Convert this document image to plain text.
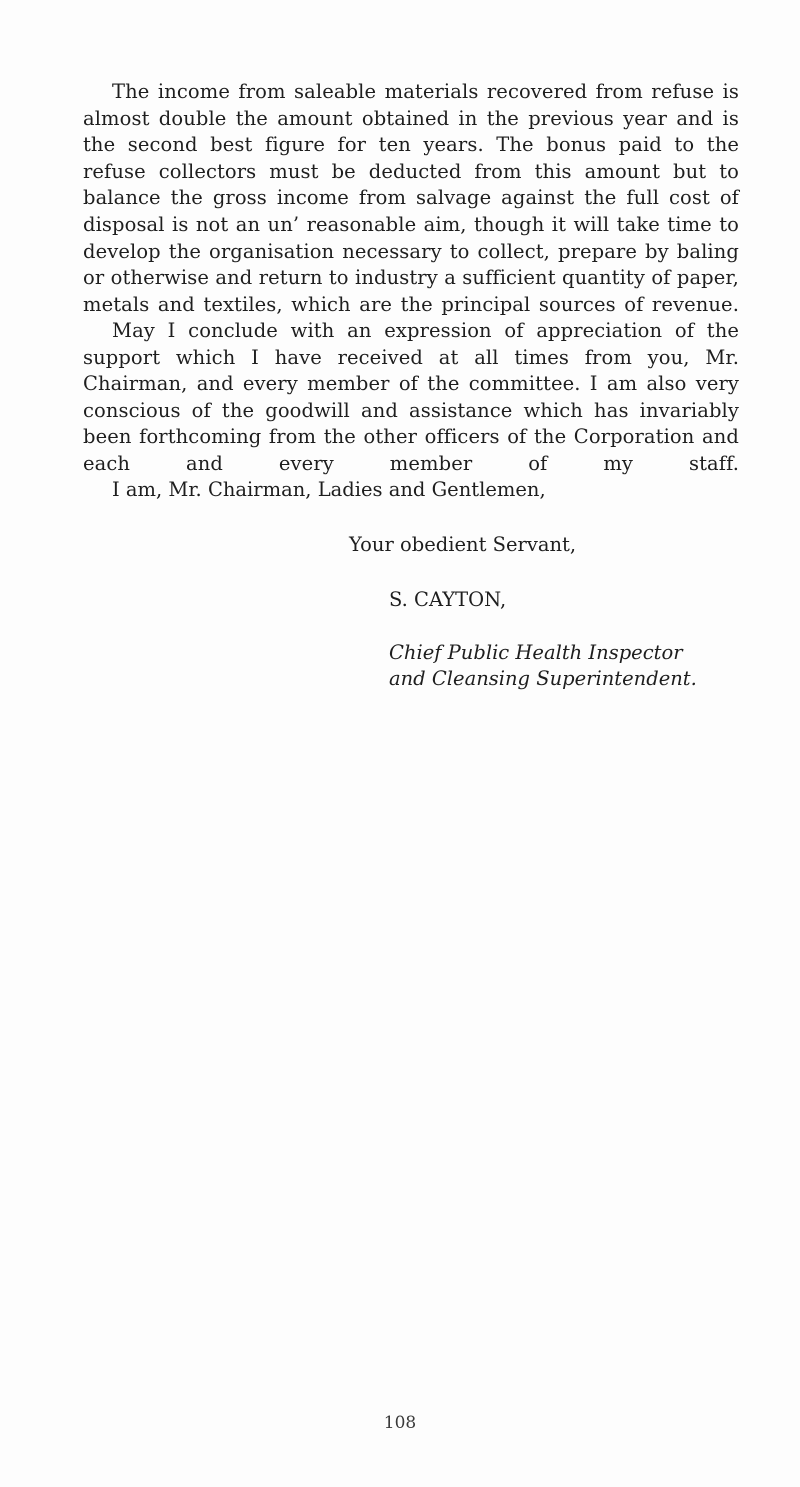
The income from saleable materials recovered from refuse is almost double the amount obtained in the previous year and is the second best figure for ten years. The bonus paid to the refuse collectors must be deducted from this amount but to balance the gross income from salvage against the full cost of disposal is not an un’ reasonable aim, though it will take time to develop the organisation necessary to collect, prepare by baling or otherwise and return to industry a sufficient quantity of paper, metals and textiles, which are the principal sources of revenue.

May I conclude with an expression of appreciation of the support which I have received at all times from you, Mr. Chairman, and every member of the committee. I am also very conscious of the goodwill and assistance which has invariably been forthcoming from the other officers of the Corporation and each and every member of my staff.

I am, Mr. Chairman, Ladies and Gentlemen,
Your obedient Servant,
S. CAYTON,
Chief Public Health Inspector
and Cleansing Superintendent.
108
